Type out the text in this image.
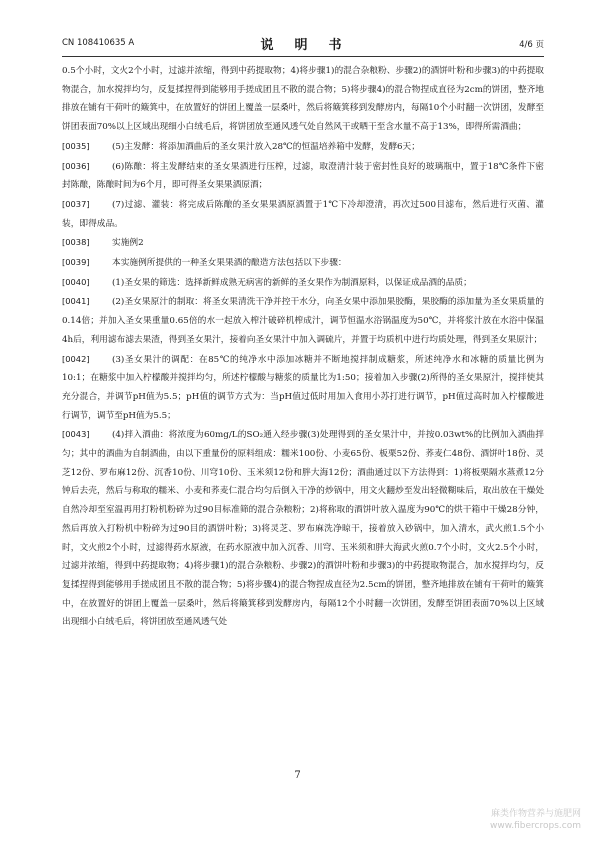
CN 108410635 A	说　明　书	4/6 页

0.5个小时，文火2个小时，过滤并浓缩，得到中药提取物；4)将步骤1)的混合杂粮粉、步骤2)的酒饼叶粉和步骤3)的中药提取物混合，加水搅拌均匀，反复揉捏得到能够用手搓成团且不散的混合物；5)将步骤4)的混合物捏成直径为2cm的饼团，整齐地排放在铺有干荷叶的簸箕中，在放置好的饼团上覆盖一层桑叶，然后将簸箕移到发酵房内，每隔10个小时翻一次饼团，发酵至饼团表面70%以上区域出现细小白绒毛后，将饼团放至通风透气处自然风干或晒干至含水量不高于13%，即得所需酒曲；

[0035]	(5)主发酵：将添加酒曲后的圣女果汁放入28℃的恒温培养箱中发酵，发酵6天；

[0036]	(6)陈酿：将主发酵结束的圣女果酒进行压榨，过滤，取澄清汁装于密封性良好的玻璃瓶中，置于18℃条件下密封陈酿，陈酿时间为6个月，即可得圣女果果酒原酒；

[0037]	(7)过滤、灌装：将完成后陈酿的圣女果果酒原酒置于1℃下冷却澄清，再次过500目滤布，然后进行灭菌、灌装，即得成品。

[0038]	实施例2

[0039]	本实施例所提供的一种圣女果果酒的酿造方法包括以下步骤：

[0040]	(1)圣女果的筛选：选择新鲜成熟无病害的新鲜的圣女果作为制酒原料，以保证成品酒的品质；

[0041]	(2)圣女果原汁的制取：将圣女果清洗干净并控干水分，向圣女果中添加果胶酶，果胶酶的添加量为圣女果质量的0.14倍；并加入圣女果重量0.65倍的水一起放入榨汁破碎机榨成汁，调节恒温水浴锅温度为50℃，并将浆汁放在水浴中保温4h后，利用滤布滤去果渣，得到圣女果汁，接着向圣女果汁中加入调硫片，并置于均质机中进行均质处理，得到圣女果原汁；

[0042]	(3)圣女果汁的调配：在85℃的纯净水中添加冰糖并不断地搅拌制成糖浆，所述纯净水和冰糖的质量比例为10:1；在糖浆中加入柠檬酸并搅拌均匀，所述柠檬酸与糖浆的质量比为1:50；接着加入步骤(2)所得的圣女果原汁，搅拌使其充分混合，并调节pH值为5.5；pH值的调节方式为：当pH值过低时用加入食用小苏打进行调节，pH值过高时加入柠檬酸进行调节，调节至pH值为5.5；

[0043]	(4)拌入酒曲：将浓度为60mg/L的SO₂通入经步骤(3)处理得到的圣女果汁中，并按0.03wt%的比例加入酒曲拌匀；其中的酒曲为自制酒曲，由以下重量份的原料组成：糯米100份、小麦65份、板栗52份、荞麦仁48份、酒饼叶18份、灵芝12份、罗布麻12份、沉香10份、川穹10份、玉米须12份和胖大海12份；酒曲通过以下方法得到：1)将板栗隔水蒸煮12分钟后去壳，然后与称取的糯米、小麦和荞麦仁混合均匀后倒入干净的炒锅中，用文火翻炒至发出轻微糊味后，取出放在干燥处自然冷却至室温再用打粉机粉碎为过90目标准筛的混合杂粮粉；2)将称取的酒饼叶放入温度为90℃的烘干箱中干燥28分钟，然后再放入打粉机中粉碎为过90目的酒饼叶粉；3)将灵芝、罗布麻洗净晾干，接着放入砂锅中，加入清水，武火煎1.5个小时，文火煎2个小时，过滤得药水原液，在药水原液中加入沉香、川穹、玉米须和胖大海武火煎0.7个小时，文火2.5个小时，过滤并浓缩，得到中药提取物；4)将步骤1)的混合杂粮粉、步骤2)的酒饼叶粉和步骤3)的中药提取物混合，加水搅拌均匀，反复揉捏得到能够用手搓成团且不散的混合物；5)将步骤4)的混合物捏成直径为2.5cm的饼团，整齐地排放在铺有干荷叶的簸箕中，在放置好的饼团上覆盖一层桑叶，然后将簸箕移到发酵房内，每隔12个小时翻一次饼团，发酵至饼团表面70%以上区域出现细小白绒毛后，将饼团放至通风透气处

7
麻类作物营养与施肥网
www.fibercrops.com
